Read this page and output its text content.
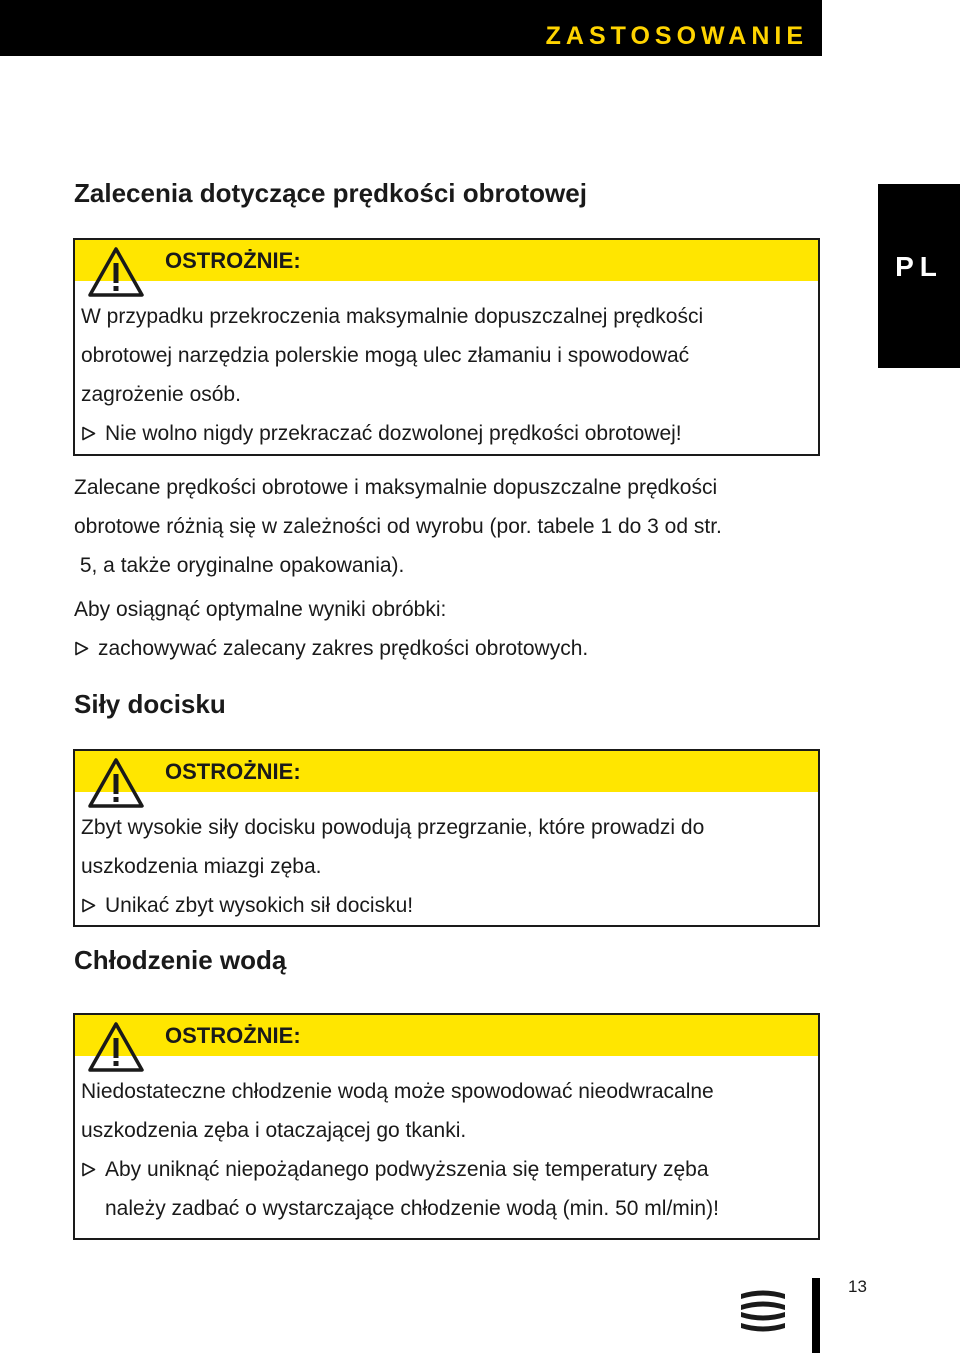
ZASTOSOWANIE
PL
Zalecenia dotyczące prędkości obrotowej
OSTROŻNIE:

W przypadku przekroczenia maksymalnie dopuszczalnej prędkości

obrotowej narzędzia polerskie mogą ulec złamaniu i spowodować

zagrożenie osób.

Nie wolno nigdy przekraczać dozwolonej prędkości obrotowej!

Zalecane prędkości obrotowe i maksymalnie dopuszczalne prędkości

obrotowe różnią się w zależności od wyrobu (por. tabele 1 do 3 od str.

5, a także oryginalne opakowania).

Aby osiągnąć optymalne wyniki obróbki:

zachowywać zalecany zakres prędkości obrotowych.

Siły docisku
OSTROŻNIE:

Zbyt wysokie siły docisku powodują przegrzanie, które prowadzi do

uszkodzenia miazgi zęba.

Unikać zbyt wysokich sił docisku!

Chłodzenie wodą
OSTROŻNIE:

Niedostateczne chłodzenie wodą może spowodować nieodwracalne

uszkodzenia zęba i otaczającej go tkanki.

Aby uniknąć niepożądanego podwyższenia się temperatury zęba
należy zadbać o wystarczające chłodzenie wodą (min. 50 ml/min)!

13
